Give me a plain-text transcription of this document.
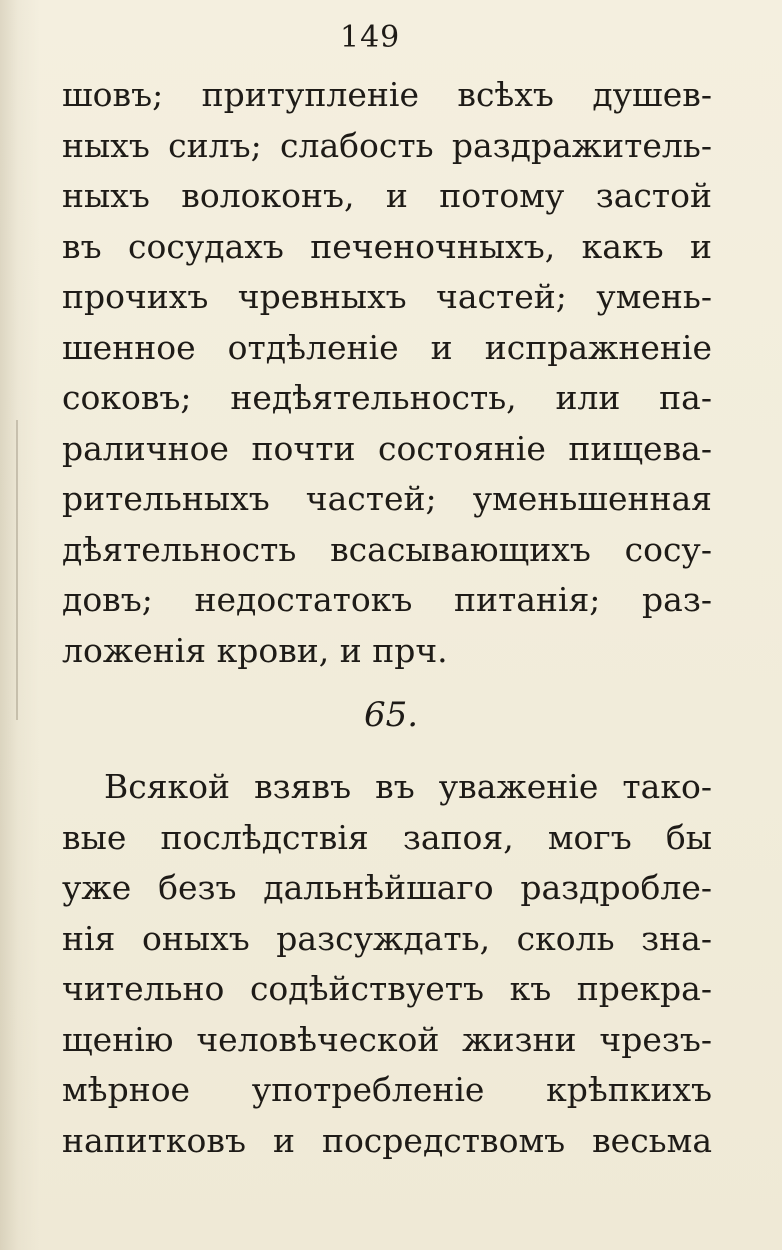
149
шовъ; притупленіе всѣхъ душев-
ныхъ силъ; слабость раздражитель-
ныхъ волоконъ, и потому застой
въ сосудахъ печеночныхъ, какъ и
прочихъ чревныхъ частей; умень-
шенное отдѣленіе и испражненіе
соковъ; недѣятельность, или па-
раличное почти состояніе пищева-
рительныхъ частей; уменьшенная
дѣятельность всасывающихъ сосу-
довъ; недостатокъ питанія; раз-
ложенія крови, и прч.
65.
Всякой взявъ въ уваженіе тако-
вые послѣдствія запоя, могъ бы
уже безъ дальнѣйшаго раздробле-
нія оныхъ разсуждать, сколь зна-
чительно содѣйствуетъ къ прекра-
щенію человѣческой жизни чрезъ-
мѣрное употребленіе крѣпкихъ
напитковъ и посредствомъ весьма
